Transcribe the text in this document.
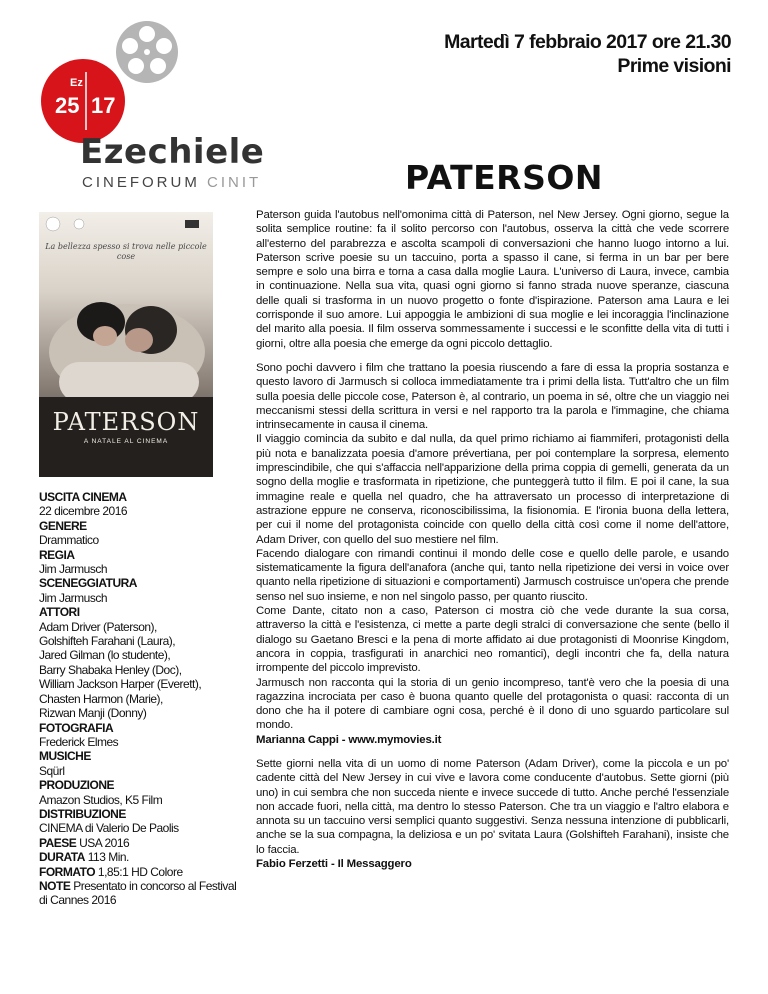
Ez
25 17
Ezechiele
CINEFORUM CINIT
Martedì 7 febbraio 2017 ore 21.30
Prime visioni
PATERSON
La bellezza spesso si trova nelle piccole cose
PATERSON
A NATALE AL CINEMA
USCITA CINEMA
22 dicembre 2016
GENERE
Drammatico
REGIA
Jim Jarmusch
SCENEGGIATURA
Jim Jarmusch
ATTORI
Adam Driver (Paterson),
Golshifteh Farahani (Laura),
Jared Gilman (lo studente),
Barry Shabaka Henley (Doc),
William Jackson Harper (Everett),
Chasten Harmon (Marie),
Rizwan Manji (Donny)
FOTOGRAFIA
Frederick Elmes
MUSICHE
Sqürl
PRODUZIONE
Amazon Studios, K5 Film
DISTRIBUZIONE
CINEMA di Valerio De Paolis
PAESE USA 2016
DURATA 113 Min.
FORMATO 1,85:1 HD Colore
NOTE Presentato in concorso al Festival di Cannes 2016

Paterson guida l'autobus nell'omonima città di Paterson, nel New Jersey. Ogni giorno, segue la solita semplice routine: fa il solito percorso con l'autobus, osserva la città che vede scorrere all'esterno del parabrezza e ascolta scampoli di conversazioni che hanno luogo intorno a lui. Paterson scrive poesie su un taccuino, porta a spasso il cane, si ferma in un bar per bere sempre e solo una birra e torna a casa dalla moglie Laura. L'universo di Laura, invece, cambia in continuazione. Nella sua vita, quasi ogni giorno si fanno strada nuove speranze, ciascuna delle quali si trasforma in un nuovo progetto o fonte d'ispirazione. Paterson ama Laura e lei corrisponde il suo amore. Lui appoggia le ambizioni di sua moglie e lei incoraggia l'inclinazione del marito alla poesia. Il film osserva sommessamente i successi e le sconfitte della vita di tutti i giorni, oltre alla poesia che emerge da ogni piccolo dettaglio.

Sono pochi davvero i film che trattano la poesia riuscendo a fare di essa la propria sostanza e questo lavoro di Jarmusch si colloca immediatamente tra i primi della lista. Tutt'altro che un film sulla poesia delle piccole cose, Paterson è, al contrario, un poema in sé, oltre che un viaggio nei meccanismi stessi della scrittura in versi e nel rapporto tra la parola e l'immagine, che chiama intrinsecamente in causa il cinema.
Il viaggio comincia da subito e dal nulla, da quel primo richiamo ai fiammiferi, protagonisti della più nota e banalizzata poesia d'amore prévertiana, per poi contemplare la sorpresa, elemento imprescindibile, che qui s'affaccia nell'apparizione della prima coppia di gemelli, generata da un sogno della moglie e trasformata in ripetizione, che punteggerà tutto il film. E poi il cane, la sua immagine reale e quella nel quadro, che ha attraversato un processo di interpretazione di astrazione eppure ne conserva, riconoscibilissima, la fisionomia. E l'ironia buona della lettera, per cui il nome del protagonista coincide con quello della città così come il nome dell'attore, Adam Driver, con quello del suo mestiere nel film.
Facendo dialogare con rimandi continui il mondo delle cose e quello delle parole, e usando sistematicamente la figura dell'anafora (anche qui, tanto nella ripetizione dei versi in voice over quanto nella ripetizione di situazioni e comportamenti) Jarmusch costruisce un'opera che prende senso nel suo insieme, e non nel singolo passo, per quanto riuscito.
Come Dante, citato non a caso, Paterson ci mostra ciò che vede durante la sua corsa, attraverso la città e l'esistenza, ci mette a parte degli stralci di conversazione che sente (bello il dialogo su Gaetano Bresci e la pena di morte affidato ai due protagonisti di Moonrise Kingdom, ancora in coppia, trasfigurati in anarchici neo romantici), degli incontri che fa, della natura irrompente del piccolo imprevisto.
Jarmusch non racconta qui la storia di un genio incompreso, tant'è vero che la poesia di una ragazzina incrociata per caso è buona quanto quelle del protagonista o quasi: racconta di un dono che ha il potere di cambiare ogni cosa, perché è il dono di uno sguardo particolare sul mondo.
Marianna Cappi - www.mymovies.it

Sette giorni nella vita di un uomo di nome Paterson (Adam Driver), come la piccola e un po' cadente città del New Jersey in cui vive e lavora come conducente d'autobus. Sette giorni (più uno) in cui sembra che non succeda niente e invece succede di tutto. Anche perché l'essenziale non accade fuori, nella città, ma dentro lo stesso Paterson. Che tra un viaggio e l'altro elabora e annota su un taccuino versi semplici quanto suggestivi. Senza nessuna intenzione di pubblicarli, anche se la sua compagna, la deliziosa e un po' svitata Laura (Golshifteh Farahani), insiste che lo faccia.
Fabio Ferzetti - Il Messaggero
